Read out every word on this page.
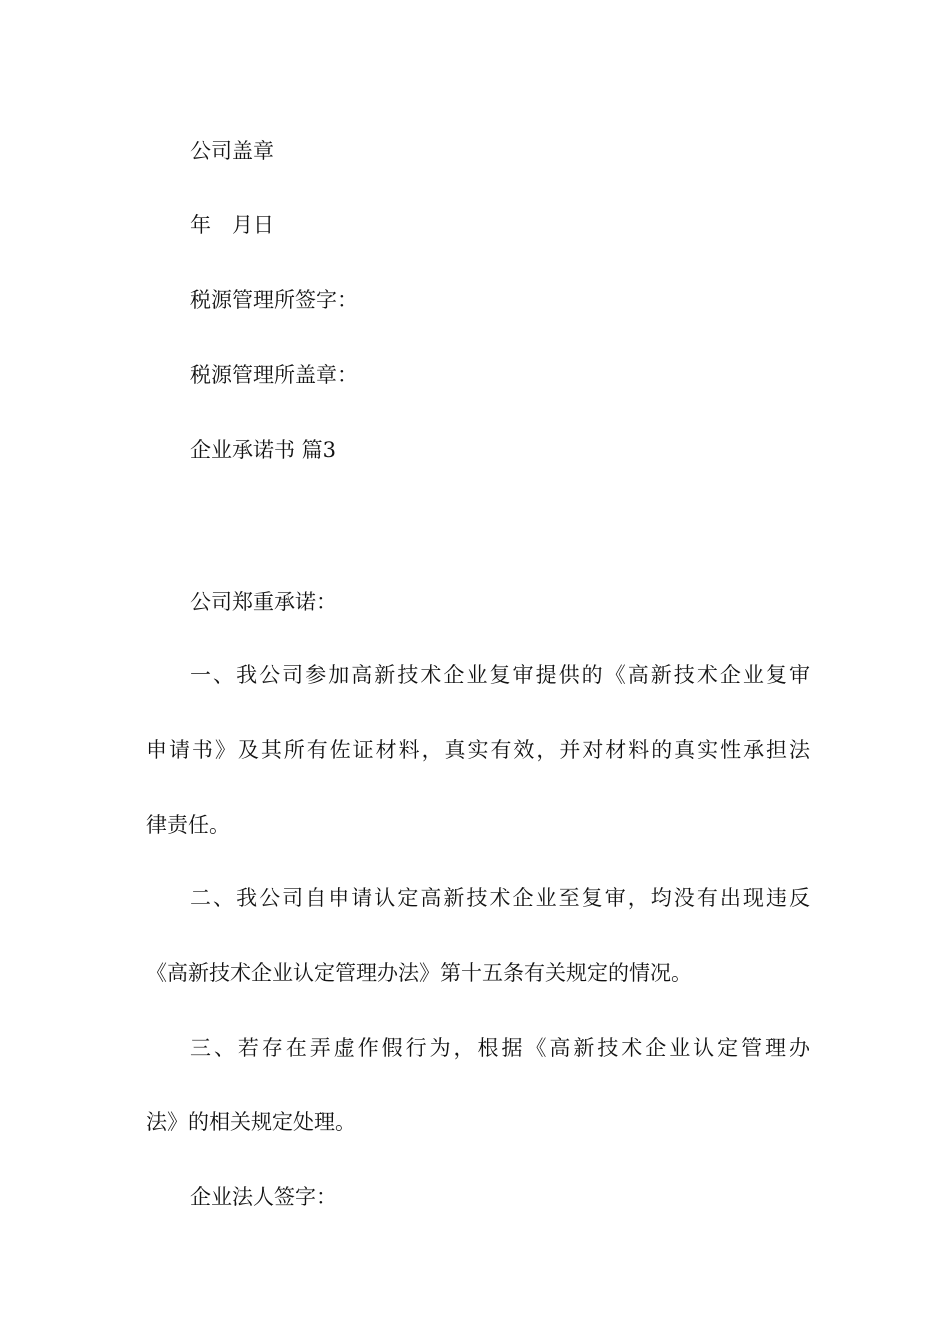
公司盖章
年　月日
税源管理所签字：
税源管理所盖章：
企业承诺书 篇3
公司郑重承诺：
一、我公司参加高新技术企业复审提供的《高新技术企业复审
申请书》及其所有佐证材料，真实有效，并对材料的真实性承担法
律责任。
二、我公司自申请认定高新技术企业至复审，均没有出现违反
《高新技术企业认定管理办法》第十五条有关规定的情况。
三、若存在弄虚作假行为，根据《高新技术企业认定管理办
法》的相关规定处理。
企业法人签字：
